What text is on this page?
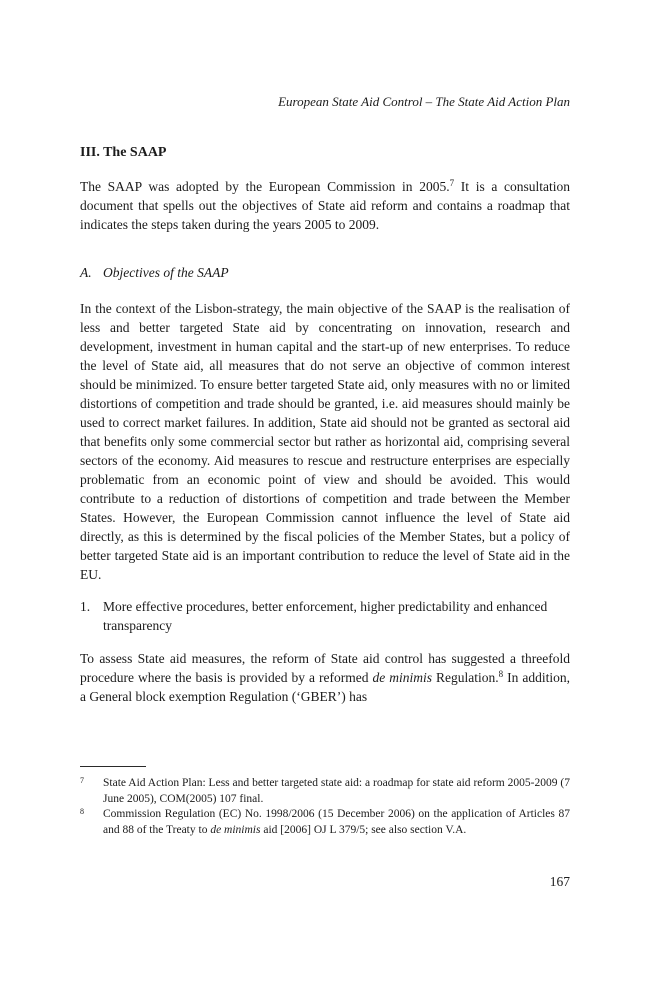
European State Aid Control – The State Aid Action Plan
III. The SAAP

The SAAP was adopted by the European Commission in 2005.$^7$ It is a consultation document that spells out the objectives of State aid reform and contains a roadmap that indicates the steps taken during the years 2005 to 2009.

A. Objectives of the SAAP

In the context of the Lisbon-strategy, the main objective of the SAAP is the realisation of less and better targeted State aid by concentrating on innovation, research and development, investment in human capital and the start-up of new enterprises. To reduce the level of State aid, all measures that do not serve an objective of common interest should be minimized. To ensure better targeted State aid, only measures with no or limited distortions of competition and trade should be granted, i.e. aid measures should mainly be used to correct market failures. In addition, State aid should not be granted as sectoral aid that benefits only some commercial sector but rather as horizontal aid, comprising several sectors of the economy. Aid measures to rescue and restructure enterprises are especially problematic from an economic point of view and should be avoided. This would contribute to a reduction of distortions of competition and trade between the Member States. However, the European Commission cannot influence the level of State aid directly, as this is determined by the fiscal policies of the Member States, but a policy of better targeted State aid is an important contribution to reduce the level of State aid in the EU.

1. More effective procedures, better enforcement, higher predictability and enhanced transparency

To assess State aid measures, the reform of State aid control has suggested a threefold procedure where the basis is provided by a reformed de minimis Regulation.$^8$ In addition, a General block exemption Regulation (‘GBER’) has

$^7$	State Aid Action Plan: Less and better targeted state aid: a roadmap for state aid reform 2005-2009 (7 June 2005), COM(2005) 107 final.
$^8$	Commission Regulation (EC) No. 1998/2006 (15 December 2006) on the application of Articles 87 and 88 of the Treaty to de minimis aid [2006] OJ L 379/5; see also section V.A.
167
